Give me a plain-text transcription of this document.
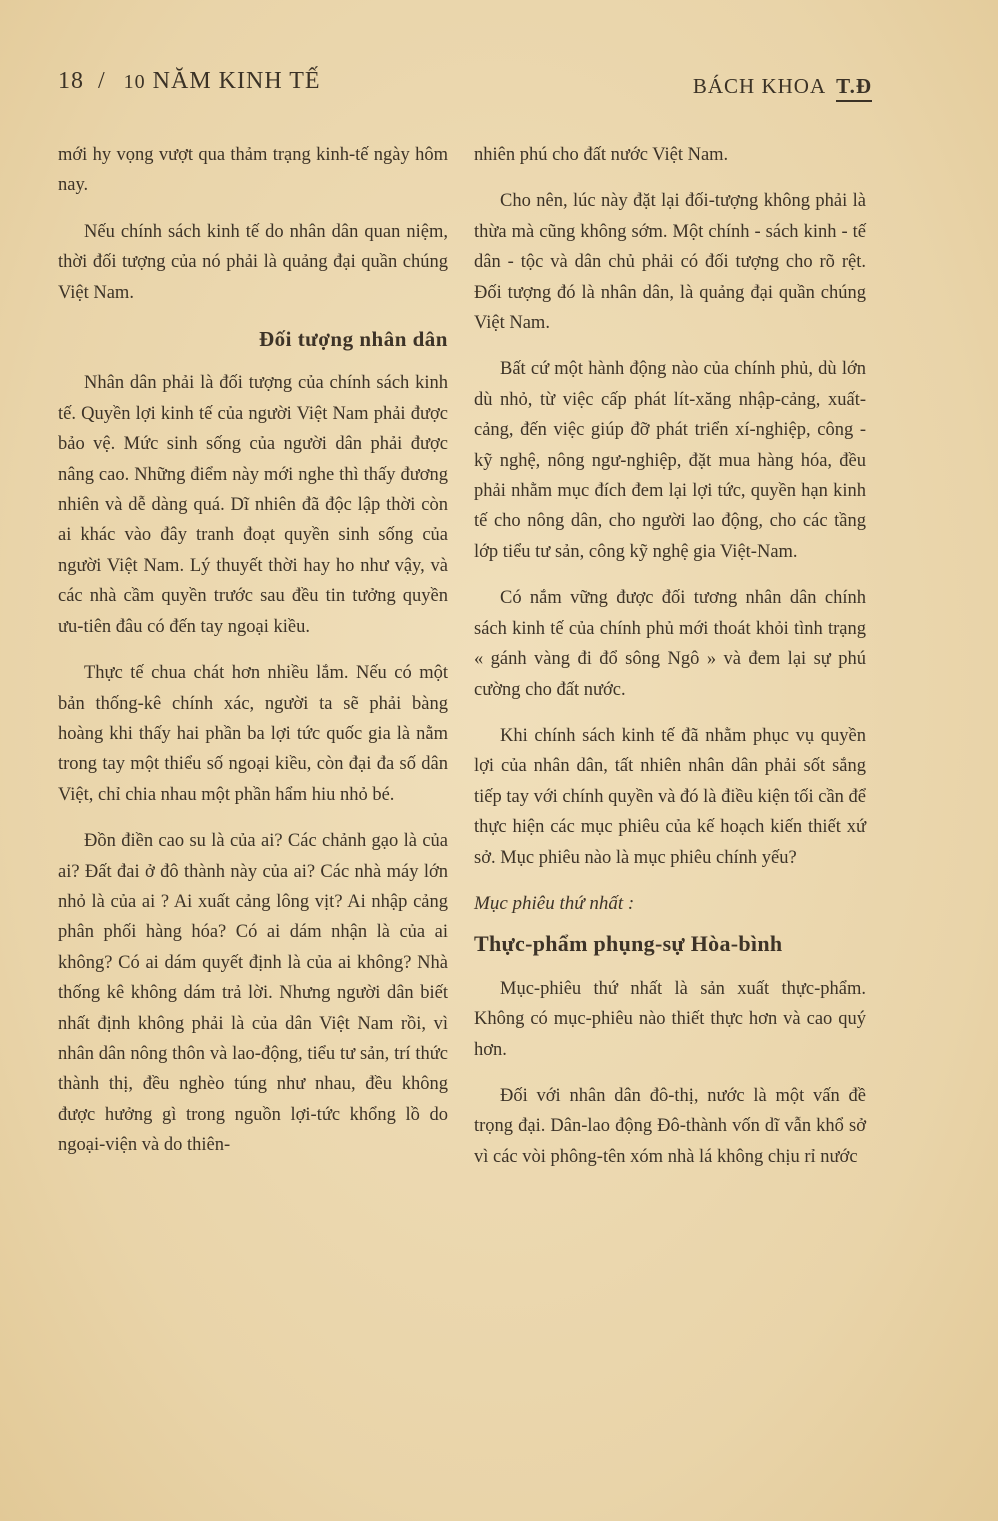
18 / 10 NĂM KINH TẾ	BÁCH KHOA T.Đ

mới hy vọng vượt qua thảm trạng kinh-tế ngày hôm nay.

Nếu chính sách kinh tế do nhân dân quan niệm, thời đối tượng của nó phải là quảng đại quần chúng Việt Nam.

Đối tượng nhân dân

Nhân dân phải là đối tượng của chính sách kinh tế. Quyền lợi kinh tế của người Việt Nam phải được bảo vệ. Mức sinh sống của người dân phải được nâng cao. Những điểm này mới nghe thì thấy đương nhiên và dễ dàng quá. Dĩ nhiên đã độc lập thời còn ai khác vào đây tranh đoạt quyền sinh sống của người Việt Nam. Lý thuyết thời hay ho như vậy, và các nhà cầm quyền trước sau đều tin tưởng quyền ưu-tiên đâu có đến tay ngoại kiều.

Thực tế chua chát hơn nhiều lắm. Nếu có một bản thống-kê chính xác, người ta sẽ phải bàng hoàng khi thấy hai phần ba lợi tức quốc gia là nằm trong tay một thiểu số ngoại kiều, còn đại đa số dân Việt, chỉ chia nhau một phần hẩm hiu nhỏ bé.

Đồn điền cao su là của ai? Các chảnh gạo là của ai? Đất đai ở đô thành này của ai? Các nhà máy lớn nhỏ là của ai ? Ai xuất cảng lông vịt? Ai nhập cảng phân phối hàng hóa? Có ai dám nhận là của ai không? Có ai dám quyết định là của ai không? Nhà thống kê không dám trả lời. Nhưng người dân biết nhất định không phải là của dân Việt Nam rồi, vì nhân dân nông thôn và lao-động, tiểu tư sản, trí thức thành thị, đều nghèo túng như nhau, đều không được hưởng gì trong nguồn lợi-tức khổng lồ do ngoại-viện và do thiên-

nhiên phú cho đất nước Việt Nam.

Cho nên, lúc này đặt lại đối-tượng không phải là thừa mà cũng không sớm. Một chính - sách kinh - tế dân - tộc và dân chủ phải có đối tượng cho rõ rệt. Đối tượng đó là nhân dân, là quảng đại quần chúng Việt Nam.

Bất cứ một hành động nào của chính phủ, dù lớn dù nhỏ, từ việc cấp phát lít-xăng nhập-cảng, xuất-cảng, đến việc giúp đỡ phát triển xí-nghiệp, công -kỹ nghệ, nông ngư-nghiệp, đặt mua hàng hóa, đều phải nhằm mục đích đem lại lợi tức, quyền hạn kinh tế cho nông dân, cho người lao động, cho các tầng lớp tiểu tư sản, công kỹ nghệ gia Việt-Nam.

Có nắm vững được đối tương nhân dân chính sách kinh tế của chính phủ mới thoát khỏi tình trạng « gánh vàng đi đổ sông Ngô » và đem lại sự phú cường cho đất nước.

Khi chính sách kinh tế đã nhằm phục vụ quyền lợi của nhân dân, tất nhiên nhân dân phải sốt sắng tiếp tay với chính quyền và đó là điều kiện tối cần để thực hiện các mục phiêu của kế hoạch kiến thiết xứ sở. Mục phiêu nào là mục phiêu chính yếu?

Mục phiêu thứ nhất :
Thực-phẩm phụng-sự Hòa-bình

Mục-phiêu thứ nhất là sản xuất thực-phẩm. Không có mục-phiêu nào thiết thực hơn và cao quý hơn.

Đối với nhân dân đô-thị, nước là một vấn đề trọng đại. Dân-lao động Đô-thành vốn dĩ vẫn khổ sở vì các vòi phông-tên xóm nhà lá không chịu rỉ nước
